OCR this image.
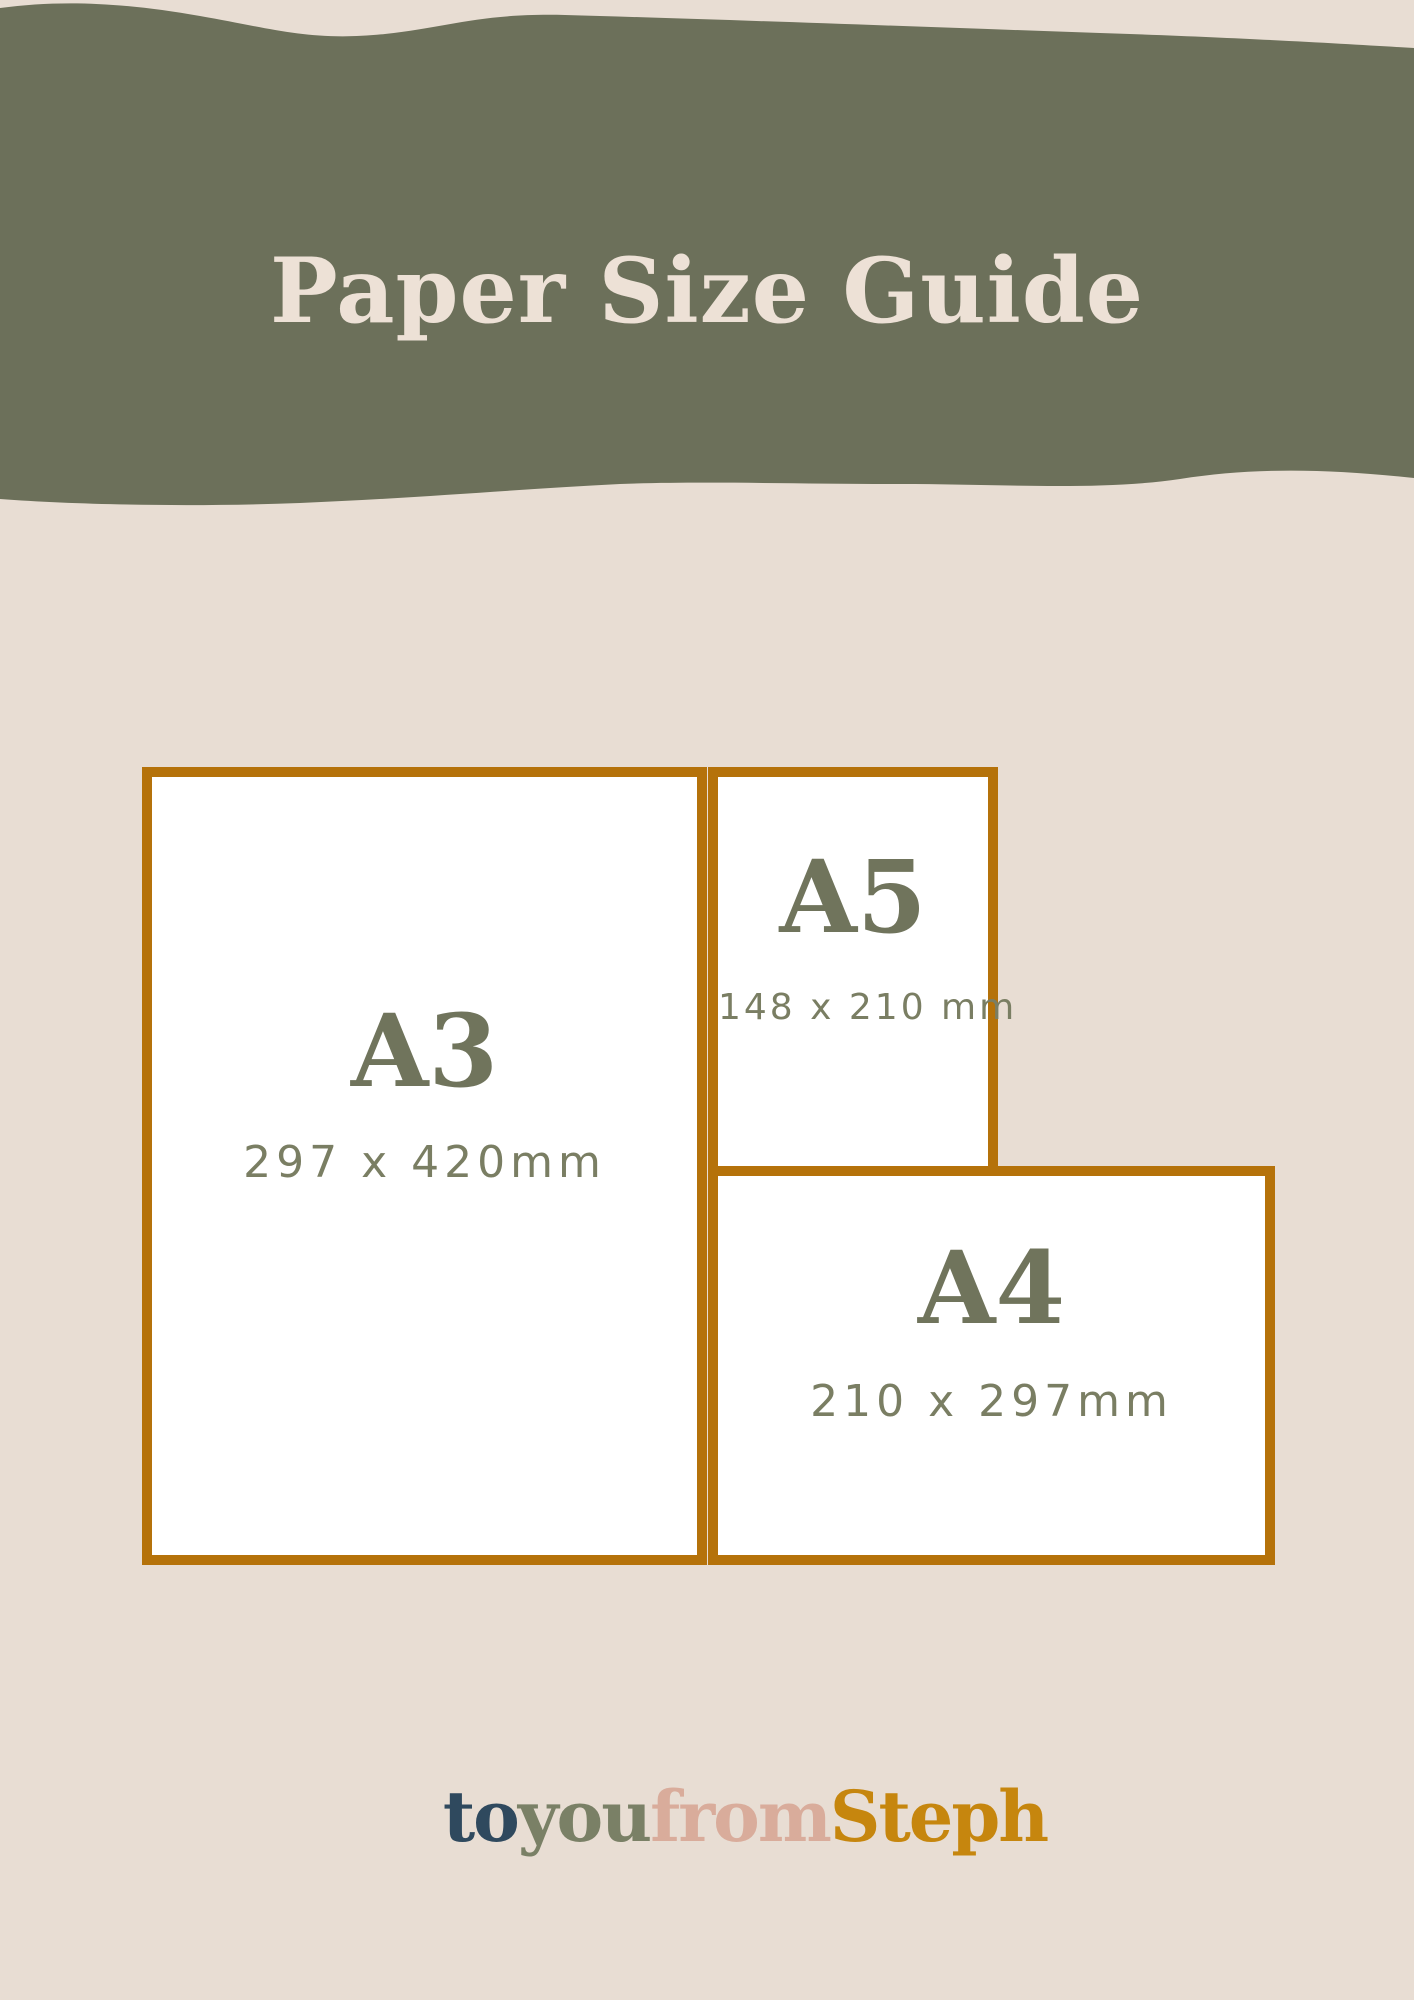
Paper Size Guide
A3
297 x 420mm
A5
148 x 210 mm
A4
210 x 297mm
toyoufromSteph
